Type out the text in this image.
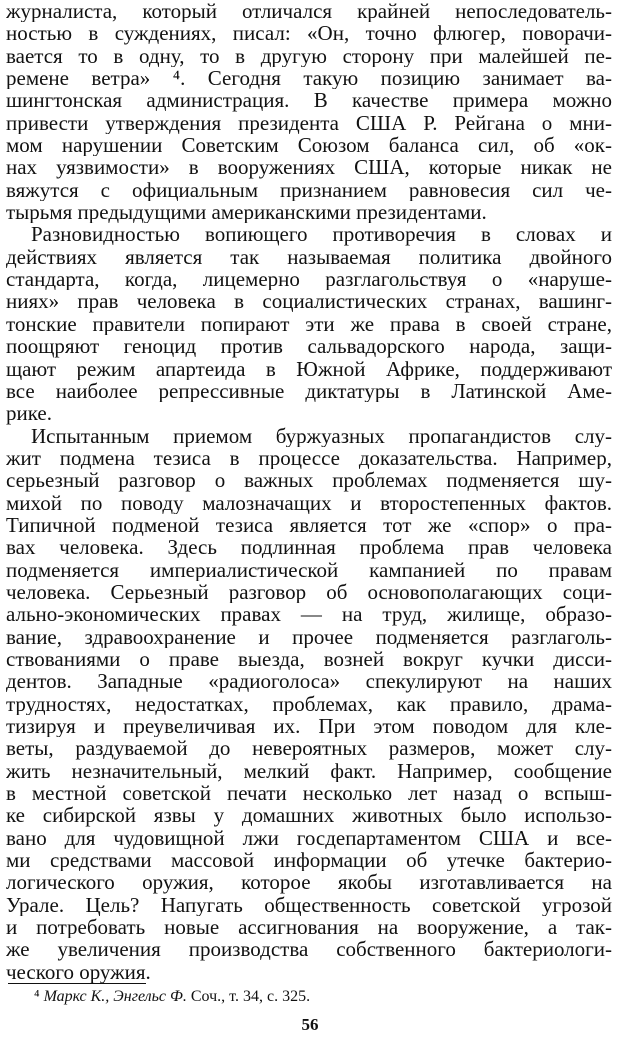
журналиста, который отличался крайней непоследователь-
ностью в суждениях, писал: «Он, точно флюгер, поворачи-
вается то в одну, то в другую сторону при малейшей пе-
ремене ветра» ⁴. Сегодня такую позицию занимает ва-
шингтонская администрация. В качестве примера можно
привести утверждения президента США Р. Рейгана о мни-
мом нарушении Советским Союзом баланса сил, об «ок-
нах уязвимости» в вооружениях США, которые никак не
вяжутся с официальным признанием равновесия сил че-
тырьмя предыдущими американскими президентами.
Разновидностью вопиющего противоречия в словах и
действиях является так называемая политика двойного
стандарта, когда, лицемерно разглагольствуя о «наруше-
ниях» прав человека в социалистических странах, вашинг-
тонские правители попирают эти же права в своей стране,
поощряют геноцид против сальвадорского народа, защи-
щают режим апартеида в Южной Африке, поддерживают
все наиболее репрессивные диктатуры в Латинской Аме-
рике.
Испытанным приемом буржуазных пропагандистов слу-
жит подмена тезиса в процессе доказательства. Например,
серьезный разговор о важных проблемах подменяется шу-
михой по поводу малозначащих и второстепенных фактов.
Типичной подменой тезиса является тот же «спор» о пра-
вах человека. Здесь подлинная проблема прав человека
подменяется империалистической кампанией по правам
человека. Серьезный разговор об основополагающих соци-
ально-экономических правах — на труд, жилище, образо-
вание, здравоохранение и прочее подменяется разглаголь-
ствованиями о праве выезда, возней вокруг кучки дисси-
дентов. Западные «радиоголоса» спекулируют на наших
трудностях, недостатках, проблемах, как правило, драма-
тизируя и преувеличивая их. При этом поводом для кле-
веты, раздуваемой до невероятных размеров, может слу-
жить незначительный, мелкий факт. Например, сообщение
в местной советской печати несколько лет назад о вспыш-
ке сибирской язвы у домашних животных было использо-
вано для чудовищной лжи госдепартаментом США и все-
ми средствами массовой информации об утечке бактерио-
логического оружия, которое якобы изготавливается на
Урале. Цель? Напугать общественность советской угрозой
и потребовать новые ассигнования на вооружение, а так-
же увеличения производства собственного бактериологи-
ческого оружия.
⁴ Маркс К., Энгельс Ф. Соч., т. 34, с. 325.
56
